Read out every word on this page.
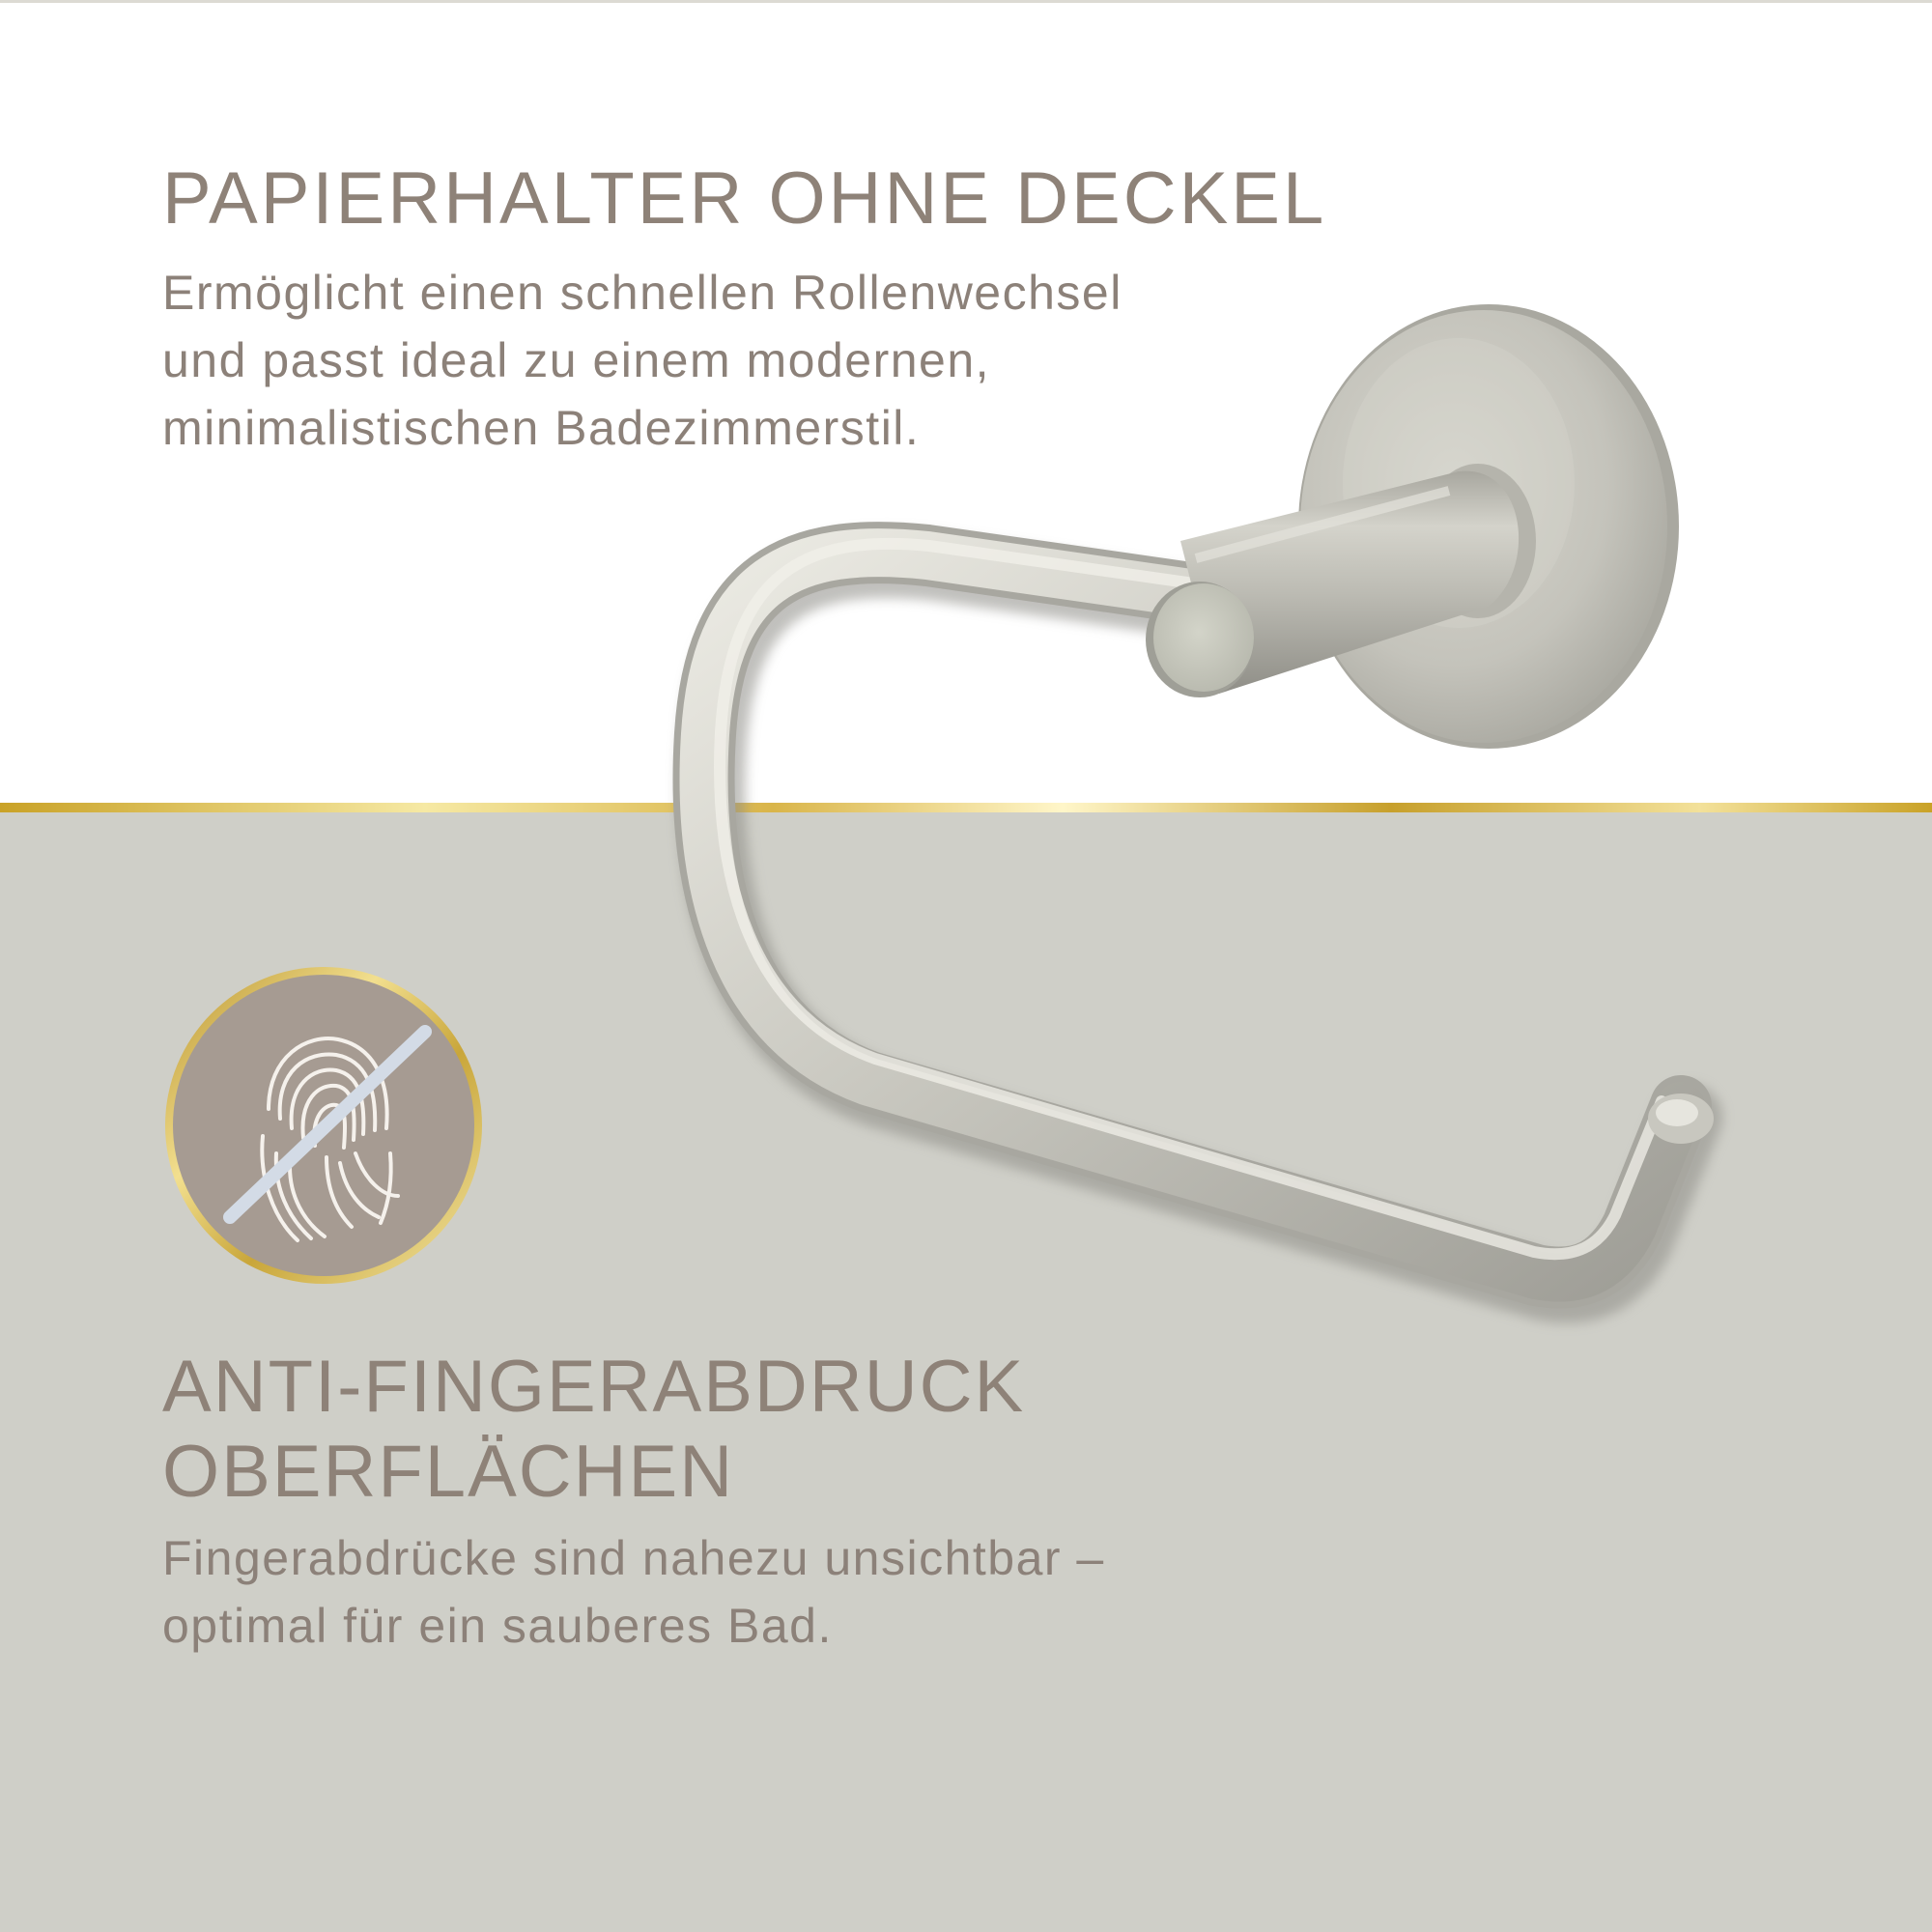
PAPIERHALTER OHNE DECKEL

Ermöglicht einen schnellen Rollenwechsel
und passt ideal zu einem modernen,
minimalistischen Badezimmerstil.

ANTI-FINGERABDRUCK
OBERFLÄCHEN

Fingerabdrücke sind nahezu unsichtbar –
optimal für ein sauberes Bad.
